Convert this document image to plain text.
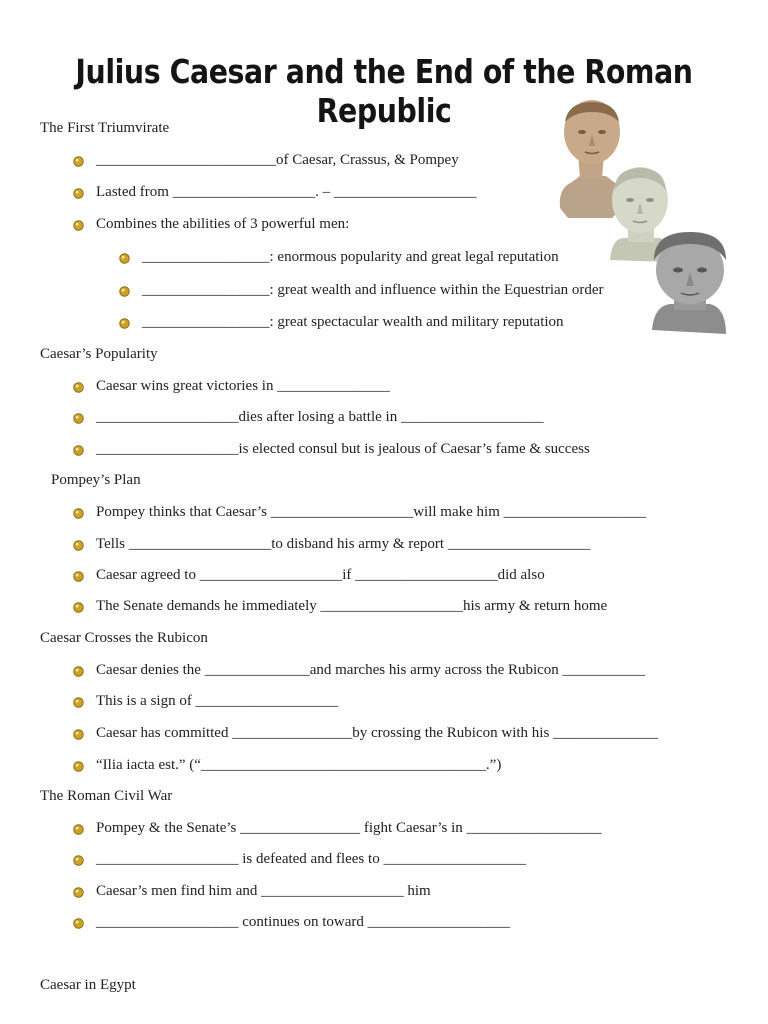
Julius Caesar and the End of the Roman Republic
The First Triumvirate
Caesar’s Popularity
Pompey’s Plan
Caesar Crosses the Rubicon
The Roman Civil War
Caesar in Egypt
________________________of Caesar, Crassus, & Pompey
Lasted from ___________________. – ___________________
Combines the abilities of 3 powerful men:
_________________: enormous popularity and great legal reputation
_________________: great wealth and influence within the Equestrian order
_________________: great spectacular wealth and military reputation
Caesar wins great victories in _______________
___________________dies after losing a battle in ___________________
___________________is elected consul but is jealous of Caesar’s fame & success
Pompey thinks that Caesar’s ___________________will make him ___________________
Tells ___________________to disband his army & report ___________________
Caesar agreed to ___________________if ___________________did also
The Senate demands he immediately ___________________his army & return home
Caesar denies the ______________and marches his army across the Rubicon ___________
This is a sign of ___________________
Caesar has committed ________________by crossing the Rubicon with his ______________
“Ilia iacta est.” (“______________________________________.”)
Pompey & the Senate’s ________________ fight Caesar’s in __________________
___________________ is defeated and flees to ___________________
Caesar’s men find him and ___________________ him
___________________ continues on toward ___________________
